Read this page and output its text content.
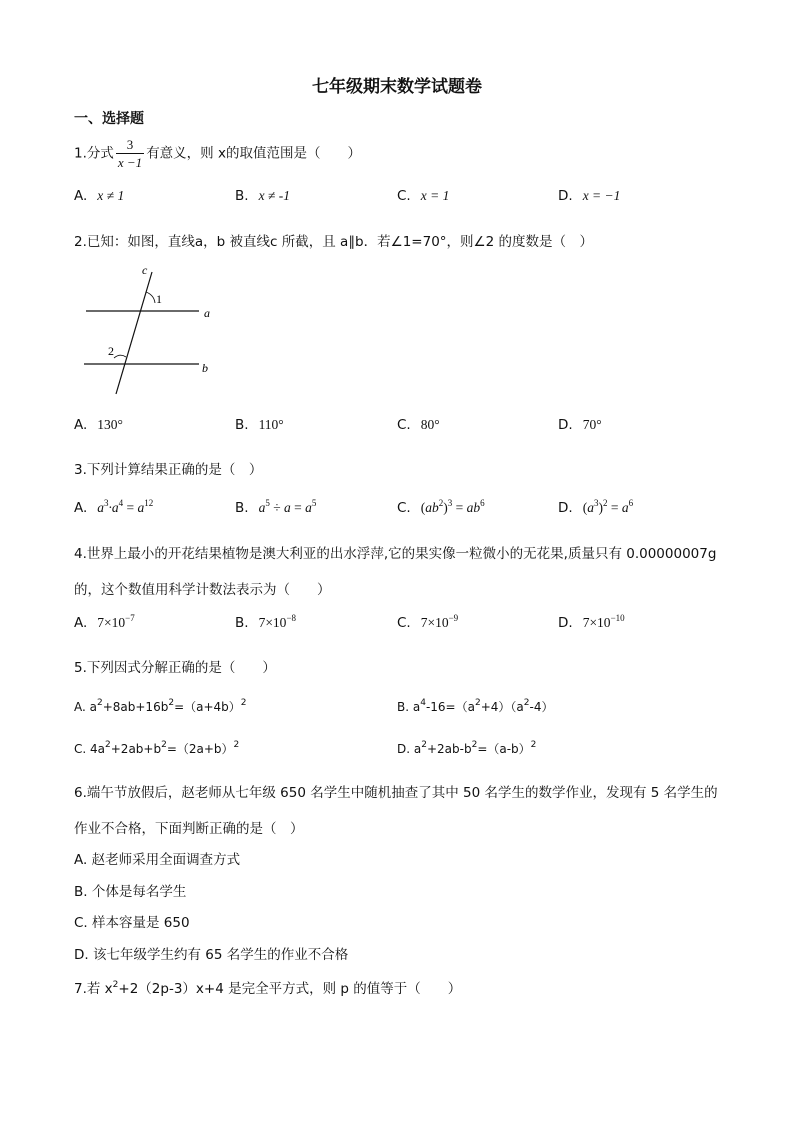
七年级期末数学试题卷
一、选择题
1.分式 $\frac{3}{x -1}$ 有意义，则 x的取值范围是（　　）
A. x ≠ 1	B. x ≠ -1	C. x = 1	D. x = −1
2.已知：如图，直线a，b 被直线c 所截，且 a∥b．若∠1=70°，则∠2 的度数是（　）
c
a
b
1
2
A. 130°	B. 110°	C. 80°	D. 70°
3.下列计算结果正确的是（　）
A. $a^3\cdot a^4 = a^{12}$	B. $a^5 \div a = a^5$	C. $(ab^2)^3 = ab^6$	D. $(a^3)^2 = a^6$
4.世界上最小的开花结果植物是澳大利亚的出水浮萍,它的果实像一粒微小的无花果,质量只有 0.00000007g
的，这个数值用科学计数法表示为（　　）
A. $7\times 10^{-7}$	B. $7\times 10^{-8}$	C. $7\times 10^{-9}$	D. $7\times 10^{-10}$
5.下列因式分解正确的是（　　）
A. $a^2+8ab+16b^2=(a+4b)^2$	B. $a^4-16=(a^2+4)(a^2-4)$
C. $4a^2+2ab+b^2=(2a+b)^2$	D. $a^2+2ab-b^2=(a-b)^2$
6.端午节放假后，赵老师从七年级 650 名学生中随机抽查了其中 50 名学生的数学作业，发现有 5 名学生的
作业不合格，下面判断正确的是（　）
A. 赵老师采用全面调查方式
B. 个体是每名学生
C. 样本容量是 650
D. 该七年级学生约有 65 名学生的作业不合格
7.若 $x^2+2(2p-3)x+4$ 是完全平方式，则 p 的值等于（　　）
